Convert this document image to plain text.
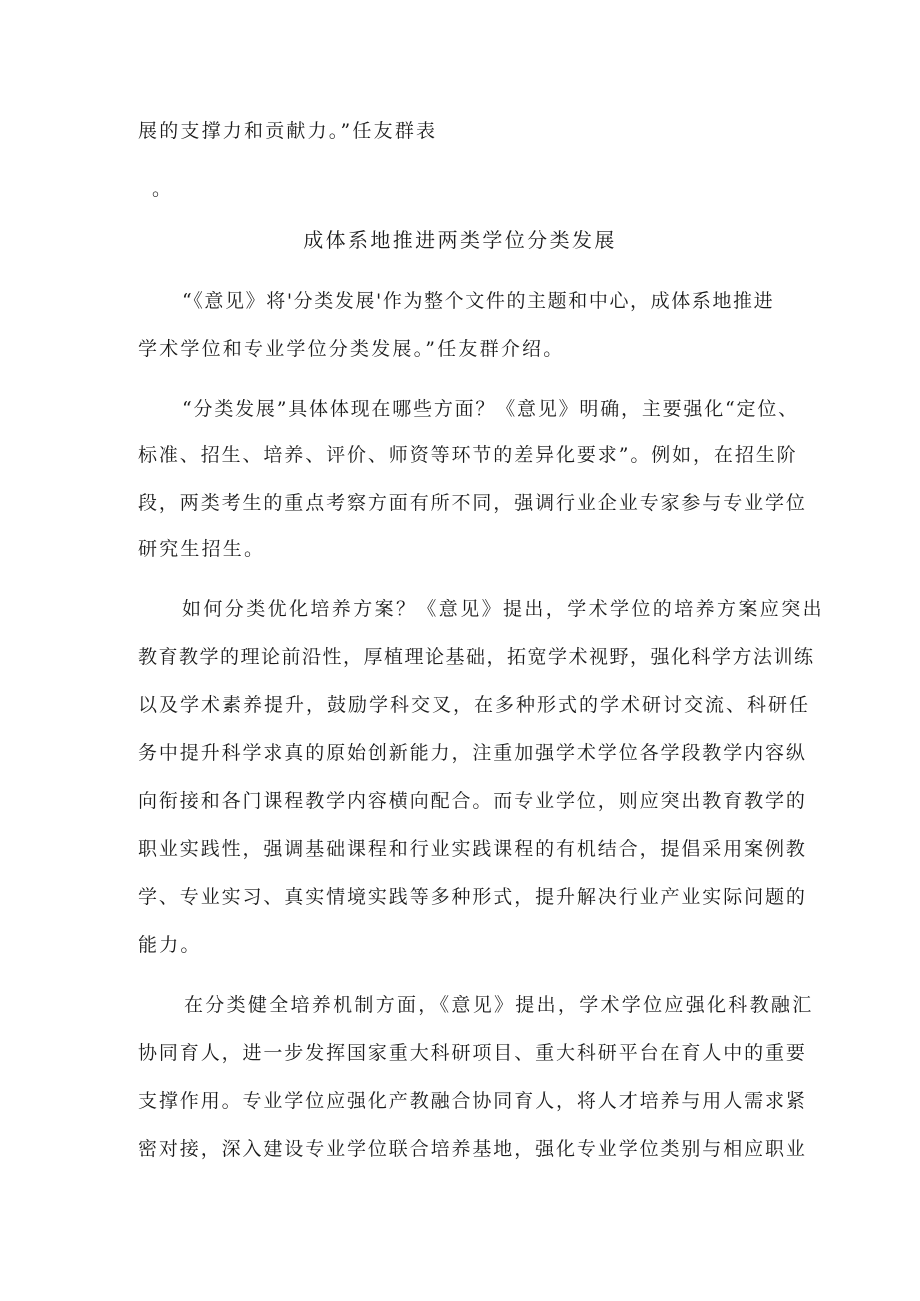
展的支撑力和贡献力。”任友群表
。
成体系地推进两类学位分类发展
“《意见》将'分类发展'作为整个文件的主题和中心，成体系地推进
学术学位和专业学位分类发展。”任友群介绍。
“分类发展”具体体现在哪些方面？《意见》明确，主要强化“定位、
标准、招生、培养、评价、师资等环节的差异化要求”。例如，在招生阶
段，两类考生的重点考察方面有所不同，强调行业企业专家参与专业学位
研究生招生。
如何分类优化培养方案？《意见》提出，学术学位的培养方案应突出
教育教学的理论前沿性，厚植理论基础，拓宽学术视野，强化科学方法训练
以及学术素养提升，鼓励学科交叉，在多种形式的学术研讨交流、科研任
务中提升科学求真的原始创新能力，注重加强学术学位各学段教学内容纵
向衔接和各门课程教学内容横向配合。而专业学位，则应突出教育教学的
职业实践性，强调基础课程和行业实践课程的有机结合，提倡采用案例教
学、专业实习、真实情境实践等多种形式，提升解决行业产业实际问题的
能力。
在分类健全培养机制方面，《意见》提出，学术学位应强化科教融汇
协同育人，进一步发挥国家重大科研项目、重大科研平台在育人中的重要
支撑作用。专业学位应强化产教融合协同育人，将人才培养与用人需求紧
密对接，深入建设专业学位联合培养基地，强化专业学位类别与相应职业
